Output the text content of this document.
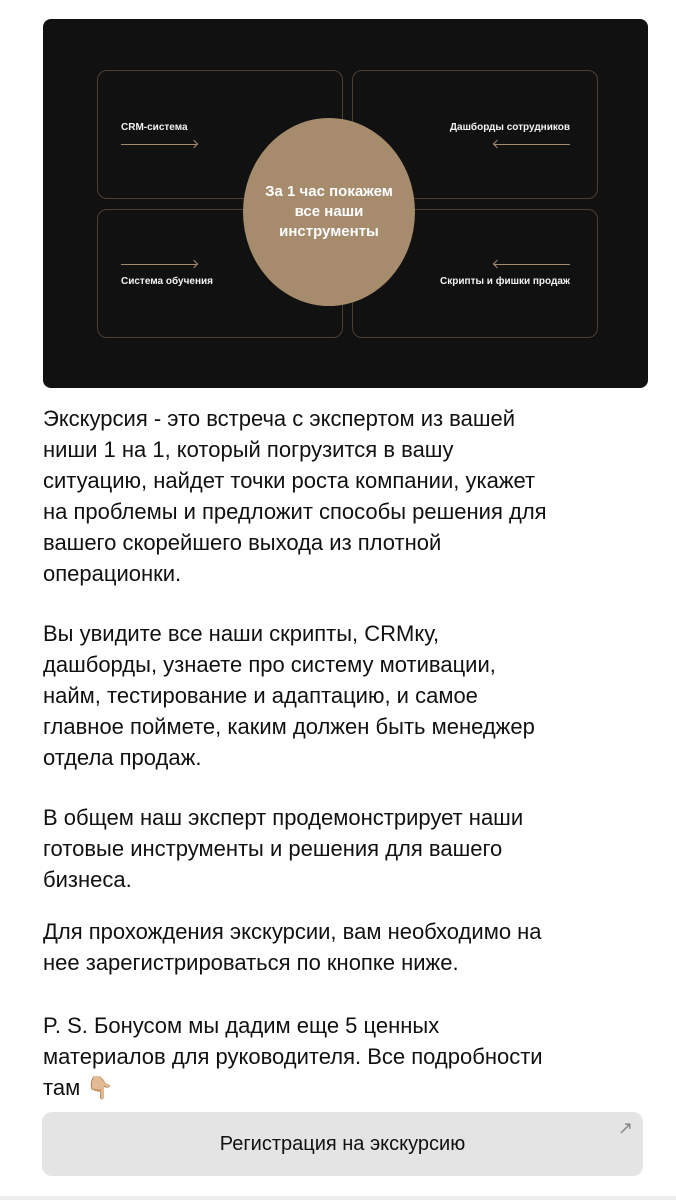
CRM-система	Дашборды сотрудников
Система обучения	Скрипты и фишки продаж
За 1 час покажем все наши инструменты
Экскурсия - это встреча с экспертом из вашей
ниши 1 на 1, который погрузится в вашу
ситуацию, найдет точки роста компании, укажет
на проблемы и предложит способы решения для
вашего скорейшего выхода из плотной
операционки.
Вы увидите все наши скрипты, CRMку,
дашборды, узнаете про систему мотивации,
найм, тестирование и адаптацию, и самое
главное поймете, каким должен быть менеджер
отдела продаж.
В общем наш эксперт продемонстрирует наши
готовые инструменты и решения для вашего
бизнеса.
Для прохождения экскурсии, вам необходимо на
нее зарегистрироваться по кнопке ниже.
P. S. Бонусом мы дадим еще 5 ценных
материалов для руководителя. Все подробности
там 👇🏼
Регистрация на экскурсию
↗
